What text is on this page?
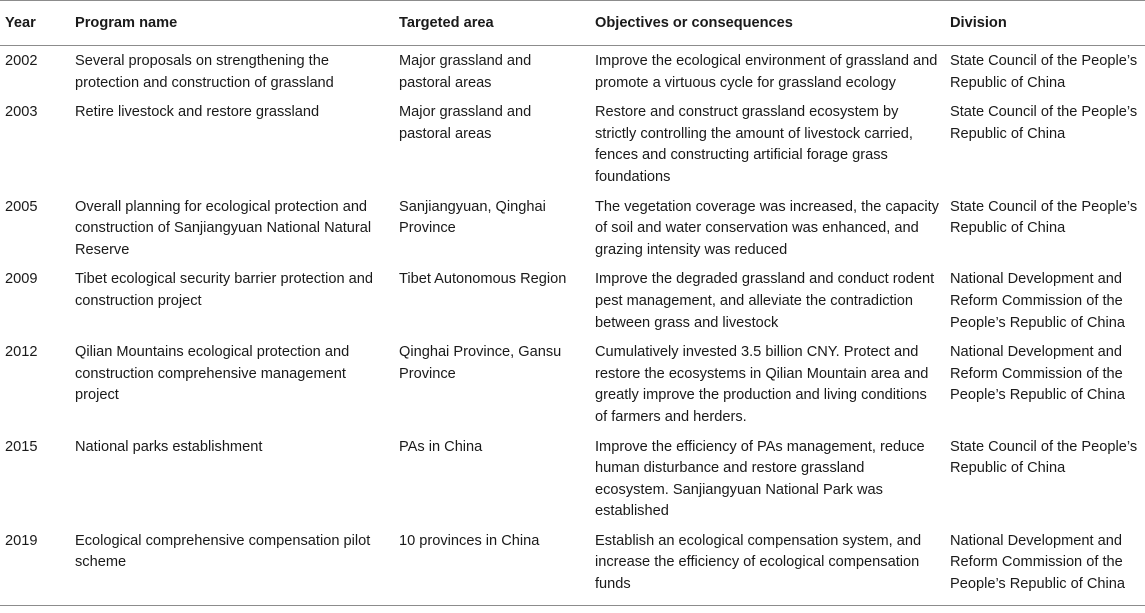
Year	Program name	Targeted area	Objectives or consequences	Division
2002	Several proposals on strengthening the protection and construction of grassland	Major grassland and pastoral areas	Improve the ecological environment of grassland and promote a virtuous cycle for grassland ecology	State Council of the People’s Republic of China
2003	Retire livestock and restore grassland	Major grassland and pastoral areas	Restore and construct grassland ecosystem by strictly controlling the amount of livestock carried, fences and constructing artificial forage grass foundations	State Council of the People’s Republic of China
2005	Overall planning for ecological protection and construction of Sanjiangyuan National Natural Reserve	Sanjiangyuan, Qinghai Province	The vegetation coverage was increased, the capacity of soil and water conservation was enhanced, and grazing intensity was reduced	State Council of the People’s Republic of China
2009	Tibet ecological security barrier protection and construction project	Tibet Autonomous Region	Improve the degraded grassland and conduct rodent pest management, and alleviate the contradiction between grass and livestock	National Development and Reform Commission of the People’s Republic of China
2012	Qilian Mountains ecological protection and construction comprehensive management project	Qinghai Province, Gansu Province	Cumulatively invested 3.5 billion CNY. Protect and restore the ecosystems in Qilian Mountain area and greatly improve the production and living conditions of farmers and herders.	National Development and Reform Commission of the People’s Republic of China
2015	National parks establishment	PAs in China	Improve the efficiency of PAs management, reduce human disturbance and restore grassland ecosystem. Sanjiangyuan National Park was established	State Council of the People’s Republic of China
2019	Ecological comprehensive compensation pilot scheme	10 provinces in China	Establish an ecological compensation system, and increase the efficiency of ecological compensation funds	National Development and Reform Commission of the People’s Republic of China
